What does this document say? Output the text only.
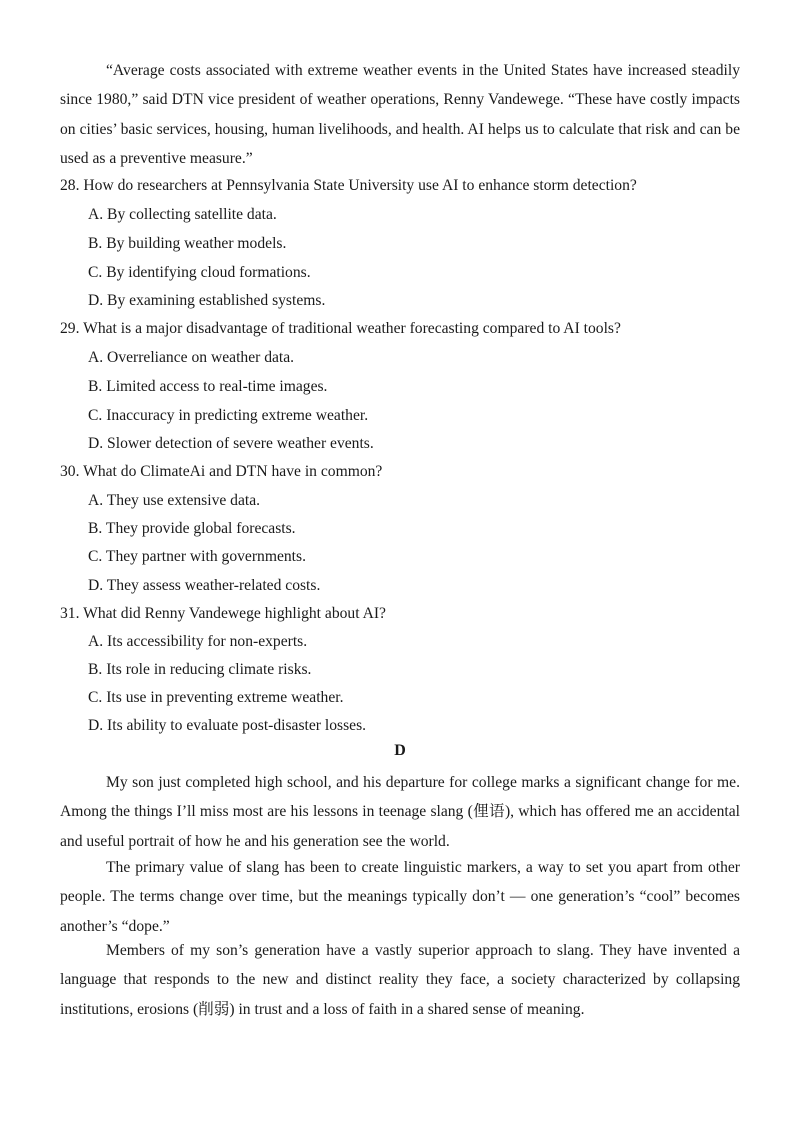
“Average costs associated with extreme weather events in the United States have increased steadily since 1980,” said DTN vice president of weather operations, Renny Vandewege. “These have costly impacts on cities’ basic services, housing, human livelihoods, and health. AI helps us to calculate that risk and can be used as a preventive measure.”

28. How do researchers at Pennsylvania State University use AI to enhance storm detection?

A. By collecting satellite data.

B. By building weather models.

C. By identifying cloud formations.

D. By examining established systems.

29. What is a major disadvantage of traditional weather forecasting compared to AI tools?

A. Overreliance on weather data.

B. Limited access to real-time images.

C. Inaccuracy in predicting extreme weather.

D. Slower detection of severe weather events.

30. What do ClimateAi and DTN have in common?

A. They use extensive data.

B. They provide global forecasts.

C. They partner with governments.

D. They assess weather-related costs.

31. What did Renny Vandewege highlight about AI?

A. Its accessibility for non-experts.

B. Its role in reducing climate risks.

C. Its use in preventing extreme weather.

D. Its ability to evaluate post-disaster losses.

D

My son just completed high school, and his departure for college marks a significant change for me. Among the things I’ll miss most are his lessons in teenage slang (俚语), which has offered me an accidental and useful portrait of how he and his generation see the world.

The primary value of slang has been to create linguistic markers, a way to set you apart from other people. The terms change over time, but the meanings typically don’t — one generation’s “cool” becomes another’s “dope.”

Members of my son’s generation have a vastly superior approach to slang. They have invented a language that responds to the new and distinct reality they face, a society characterized by collapsing institutions, erosions (削弱) in trust and a loss of faith in a shared sense of meaning.
